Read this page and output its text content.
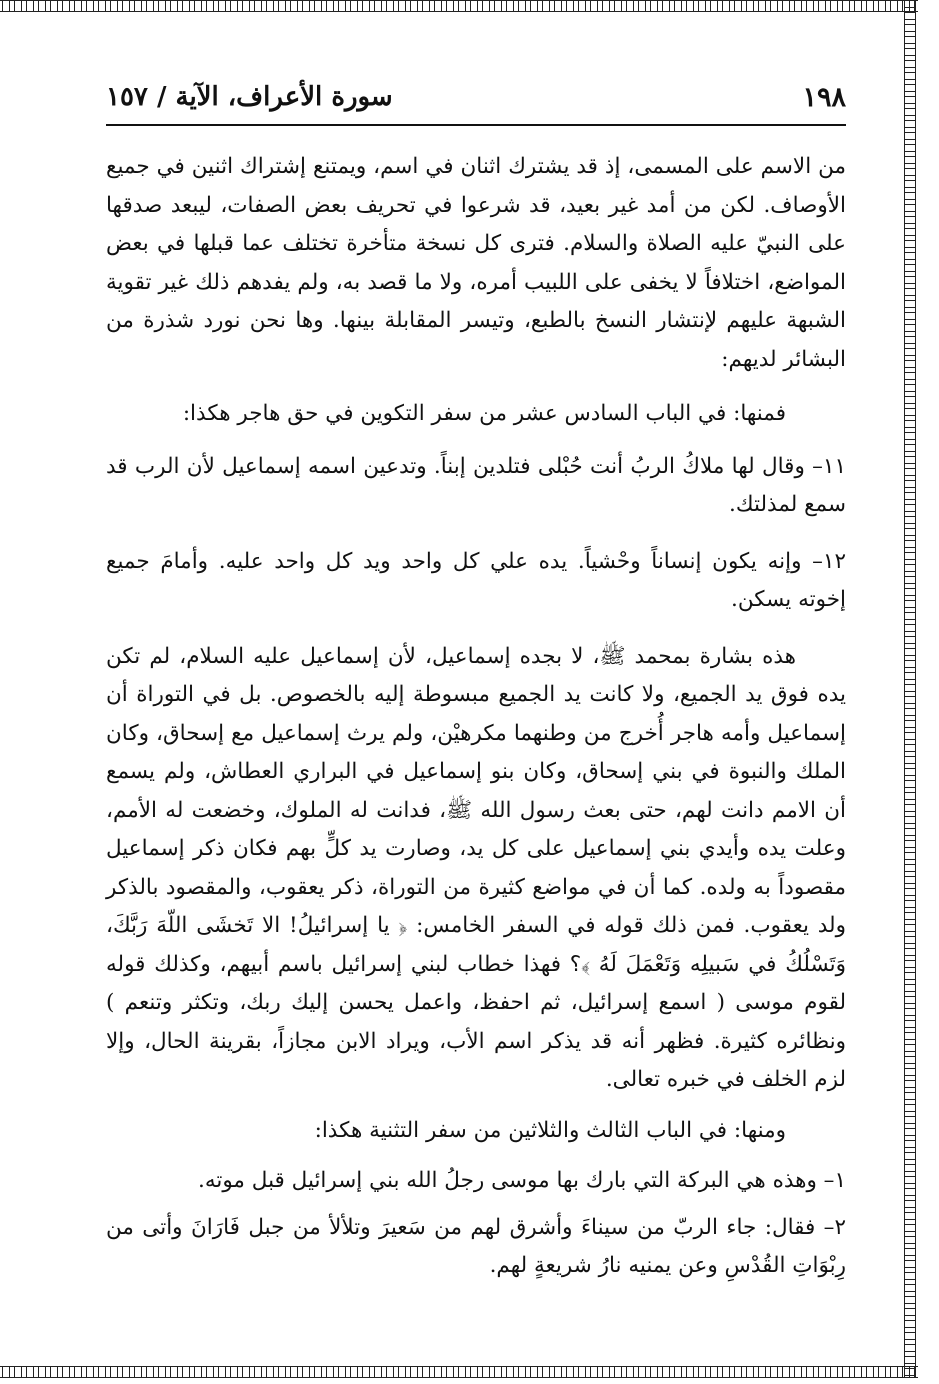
١٩٨
سورة الأعراف، الآية / ١٥٧

من الاسم على المسمى، إذ قد يشترك اثنان في اسم، ويمتنع إشتراك اثنين في جميع الأوصاف. لكن من أمد غير بعيد، قد شرعوا في تحريف بعض الصفات، ليبعد صدقها على النبيّ عليه الصلاة والسلام. فترى كل نسخة متأخرة تختلف عما قبلها في بعض المواضع، اختلافاً لا يخفى على اللبيب أمره، ولا ما قصد به، ولم يفدهم ذلك غير تقوية الشبهة عليهم لإنتشار النسخ بالطبع، وتيسر المقابلة بينها. وها نحن نورد شذرة من البشائر لديهم:

فمنها: في الباب السادس عشر من سفر التكوين في حق هاجر هكذا:

١١– وقال لها ملاكُ الربُ أنت حُبْلى فتلدين إبناً. وتدعين اسمه إسماعيل لأن الرب قد سمع لمذلتك.

١٢– وإنه يكون إنساناً وحْشياً. يده علي كل واحد ويد كل واحد عليه. وأمامَ جميع إخوته يسكن.

هذه بشارة بمحمد ﷺ، لا بجده إسماعيل، لأن إسماعيل عليه السلام، لم تكن يده فوق يد الجميع، ولا كانت يد الجميع مبسوطة إليه بالخصوص. بل في التوراة أن إسماعيل وأمه هاجر أُخرج من وطنهما مكرهيْن، ولم يرث إسماعيل مع إسحاق، وكان الملك والنبوة في بني إسحاق، وكان بنو إسماعيل في البراري العطاش، ولم يسمع أن الامم دانت لهم، حتى بعث رسول الله ﷺ، فدانت له الملوك، وخضعت له الأمم، وعلت يده وأيدي بني إسماعيل على كل يد، وصارت يد كلٍّ بهم فكان ذكر إسماعيل مقصوداً به ولده. كما أن في مواضع كثيرة من التوراة، ذكر يعقوب، والمقصود بالذكر ولد يعقوب. فمن ذلك قوله في السفر الخامس: ﴿ يا إسرائيلُ! الا تَخشَى اللّهَ رَبَّكَ، وَتَسْلُكُ في سَبيلِه وَتَعْمَلَ لَهُ ﴾؟ فهذا خطاب لبني إسرائيل باسم أبيهم، وكذلك قوله لقوم موسى ( اسمع إسرائيل، ثم احفظ، واعمل يحسن إليك ربك، وتكثر وتنعم ) ونظائره كثيرة. فظهر أنه قد يذكر اسم الأب، ويراد الابن مجازاً، بقرينة الحال، وإلا لزم الخلف في خبره تعالى.

ومنها: في الباب الثالث والثلاثين من سفر التثنية هكذا:

١– وهذه هي البركة التي بارك بها موسى رجلُ الله بني إسرائيل قبل موته.

٢– فقال: جاء الربّ من سيناءَ وأشرق لهم من سَعيرَ وتلألأ من جبل فَارَانَ وأتى من رِبْوَاتِ القُدْسِ وعن يمنيه نارُ شريعةٍ لهم.
